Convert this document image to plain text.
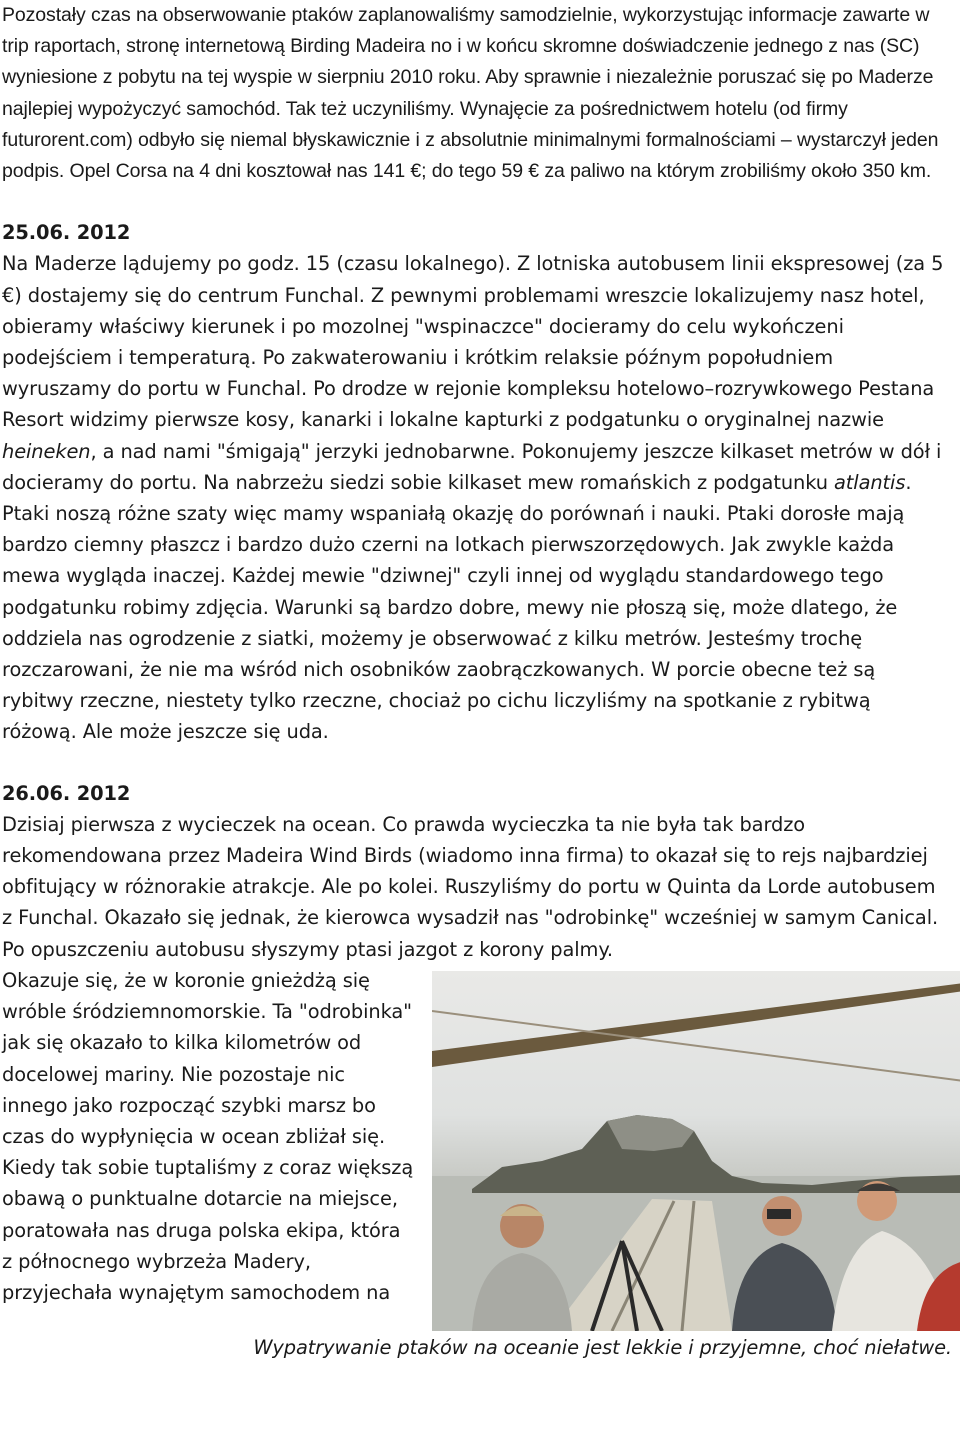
Pozostały czas na obserwowanie ptaków zaplanowaliśmy samodzielnie, wykorzystując informacje zawarte w trip raportach, stronę internetową Birding Madeira no i w końcu skromne doświadczenie jednego z nas (SC) wyniesione z pobytu na tej wyspie w sierpniu 2010 roku. Aby sprawnie i niezależnie poruszać się po Maderze najlepiej wypożyczyć samochód. Tak też uczyniliśmy. Wynajęcie za pośrednictwem hotelu (od firmy futurorent.com) odbyło się niemal błyskawicznie i z absolutnie minimalnymi formalnościami – wystarczył jeden podpis. Opel Corsa na 4 dni kosztował nas 141 €; do tego 59 € za paliwo na którym zrobiliśmy około 350 km.

25.06. 2012

Na Maderze lądujemy po godz. 15 (czasu lokalnego). Z lotniska autobusem linii ekspresowej (za 5 €) dostajemy się do centrum Funchal. Z pewnymi problemami wreszcie lokalizujemy nasz hotel, obieramy właściwy kierunek i po mozolnej "wspinaczce" docieramy do celu wykończeni podejściem i temperaturą. Po zakwaterowaniu i krótkim relaksie późnym popołudniem wyruszamy do portu w Funchal. Po drodze w rejonie kompleksu hotelowo–rozrywkowego Pestana Resort widzimy pierwsze kosy, kanarki i lokalne kapturki z podgatunku o oryginalnej nazwie heineken, a nad nami "śmigają" jerzyki jednobarwne. Pokonujemy jeszcze kilkaset metrów w dół i docieramy do portu. Na nabrzeżu siedzi sobie kilkaset mew romańskich z podgatunku atlantis. Ptaki noszą różne szaty więc mamy wspaniałą okazję do porównań i nauki. Ptaki dorosłe mają bardzo ciemny płaszcz i bardzo dużo czerni na lotkach pierwszorzędowych. Jak zwykle każda mewa wygląda inaczej. Każdej mewie "dziwnej" czyli innej od wyglądu standardowego tego podgatunku robimy zdjęcia. Warunki są bardzo dobre, mewy nie płoszą się, może dlatego, że oddziela nas ogrodzenie z siatki, możemy je obserwować z kilku metrów. Jesteśmy trochę rozczarowani, że nie ma wśród nich osobników zaobrączkowanych. W porcie obecne też są rybitwy rzeczne, niestety tylko rzeczne, chociaż po cichu liczyliśmy na spotkanie z rybitwą różową. Ale może jeszcze się uda.

26.06. 2012

Dzisiaj pierwsza z wycieczek na ocean. Co prawda wycieczka ta nie była tak bardzo rekomendowana przez Madeira Wind Birds (wiadomo inna firma) to okazał się to rejs najbardziej obfitujący w różnorakie atrakcje. Ale po kolei. Ruszyliśmy do portu w Quinta da Lorde autobusem z Funchal. Okazało się jednak, że kierowca wysadził nas "odrobinkę" wcześniej w samym Canical. Po opuszczeniu autobusu słyszymy ptasi jazgot z korony palmy.

Okazuje się, że w koronie gnieżdżą się wróble śródziemnomorskie. Ta "odrobinka" jak się okazało to kilka kilometrów od docelowej mariny. Nie pozostaje nic innego jako rozpocząć szybki marsz bo czas do wypłynięcia w ocean zbliżał się. Kiedy tak sobie tuptaliśmy z coraz większą obawą o punktualne dotarcie na miejsce, poratowała nas druga polska ekipa, która z północnego wybrzeża Madery, przyjechała wynajętym samochodem na

Wypatrywanie ptaków na oceanie jest lekkie i przyjemne, choć niełatwe.
